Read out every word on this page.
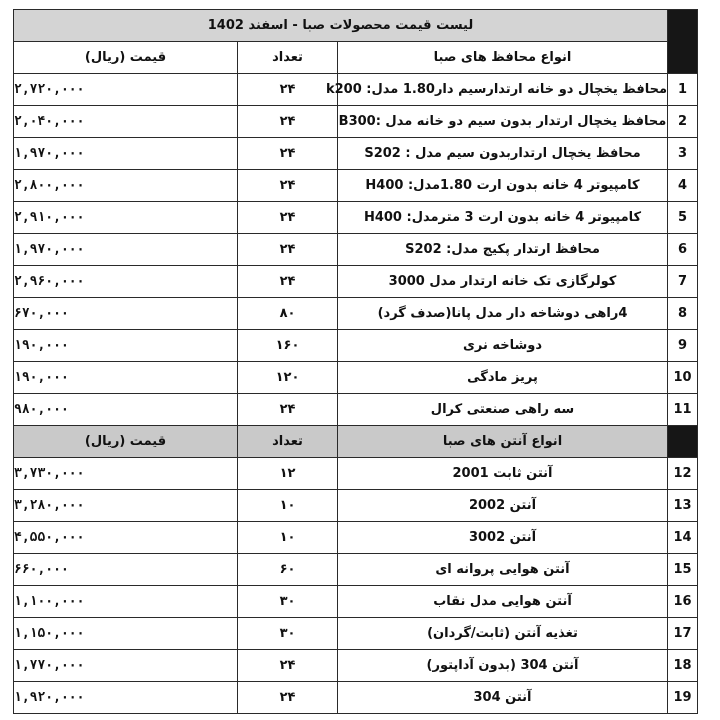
لیست قیمت محصولات صبا - اسفند 1402			
قیمت (ریال)	تعداد	انواع محافظ های صبا	
۲,۷۲۰,۰۰۰	۲۴	محافظ یخچال دو خانه ارتدارسیم دار1.80 مدل: k200	1
۲,۰۴۰,۰۰۰	۲۴	محافظ یخچال ارتدار بدون سیم دو خانه مدل :B300	2
۱,۹۷۰,۰۰۰	۲۴	محافظ یخچال ارتداربدون سیم مدل : S202	3
۲,۸۰۰,۰۰۰	۲۴	کامپیوتر 4 خانه بدون ارت 1.80مدل: H400	4
۲,۹۱۰,۰۰۰	۲۴	کامپیوتر 4 خانه بدون ارت 3 مترمدل: H400	5
۱,۹۷۰,۰۰۰	۲۴	محافظ ارتدار پکیج مدل: S202	6
۲,۹۶۰,۰۰۰	۲۴	کولرگازی تک خانه ارتدار مدل 3000	7
۶۷۰,۰۰۰	۸۰	4راهی دوشاخه دار مدل پانا(صدف گرد)	8
۱۹۰,۰۰۰	۱۶۰	دوشاخه نری	9
۱۹۰,۰۰۰	۱۲۰	پریز مادگی	10
۹۸۰,۰۰۰	۲۴	سه راهی صنعتی کرال	11
قیمت (ریال)	تعداد	انواع آنتن های صبا	
۳,۷۳۰,۰۰۰	۱۲	آنتن ثابت 2001	12
۳,۲۸۰,۰۰۰	۱۰	آنتن 2002	13
۴,۵۵۰,۰۰۰	۱۰	آنتن 3002	14
۶۶۰,۰۰۰	۶۰	آنتن هوایی پروانه ای	15
۱,۱۰۰,۰۰۰	۳۰	آنتن هوایی مدل نقاب	16
۱,۱۵۰,۰۰۰	۳۰	تغذیه آنتن (ثابت/گردان)	17
۱,۷۷۰,۰۰۰	۲۴	آنتن 304 (بدون آداپتور)	18
۱,۹۲۰,۰۰۰	۲۴	آنتن 304	19
